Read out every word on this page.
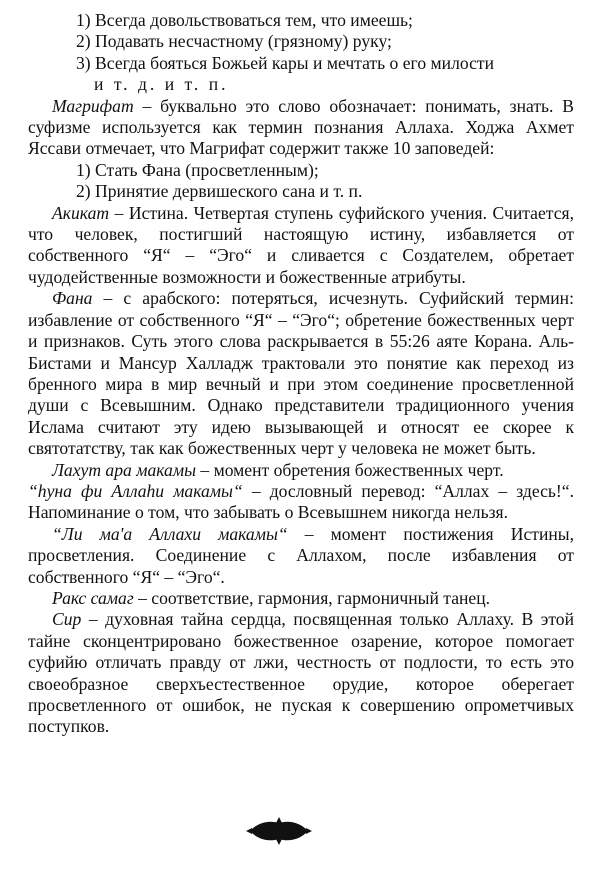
1) Всегда довольствоваться тем, что имеешь;

2) Подавать несчастному (грязному) руку;

3) Всегда бояться Божьей кары и мечтать о его милости
и т. д. и т. п.

Магрифат – буквально это слово обозначает: понимать, знать. В суфизме используется как термин познания Аллаха. Ходжа Ахмет Яссави отмечает, что Магрифат содержит также 10 заповедей:

1) Стать Фана (просветленным);

2) Принятие дервишеского сана и т. п.

Акикат – Истина. Четвертая ступень суфийского учения. Считается, что человек, постигший настоящую истину, избавляется от собственного “Я“ – “Эго“ и сливается с Создателем, обретает чудодейственные возможности и божественные атрибуты.

Фана – с арабского: потеряться, исчезнуть. Суфийский термин: избавление от собственного “Я“ – “Эго“; обретение божественных черт и признаков. Суть этого слова раскрывается в 55:26 аяте Корана. Аль-Бистами и Мансур Халладж трактовали это понятие как переход из бренного мира в мир вечный и при этом соединение просветленной души с Всевышним. Однако представители традиционного учения Ислама считают эту идею вызывающей и относят ее скорее к святотатству, так как божественных черт у человека не может быть.

Лахут ара макамы – момент обретения божественных черт.

“hуна фи Аллаhи макамы“ – дословный перевод: “Аллах – здесь!“. Напоминание о том, что забывать о Всевышнем никогда нельзя.

“Ли ма'а Аллахи макамы“ – момент постижения Истины, просветления. Соединение с Аллахом, после избавления от собственного “Я“ – “Эго“.

Ракс самаг – соответствие, гармония, гармоничный танец.

Сир – духовная тайна сердца, посвященная только Аллаху. В этой тайне сконцентрировано божественное озарение, которое помогает суфийю отличать правду от лжи, честность от подлости, то есть это своеобразное сверхъестественное орудие, которое оберегает просветленного от ошибок, не пуская к совершению опрометчивых поступков.
